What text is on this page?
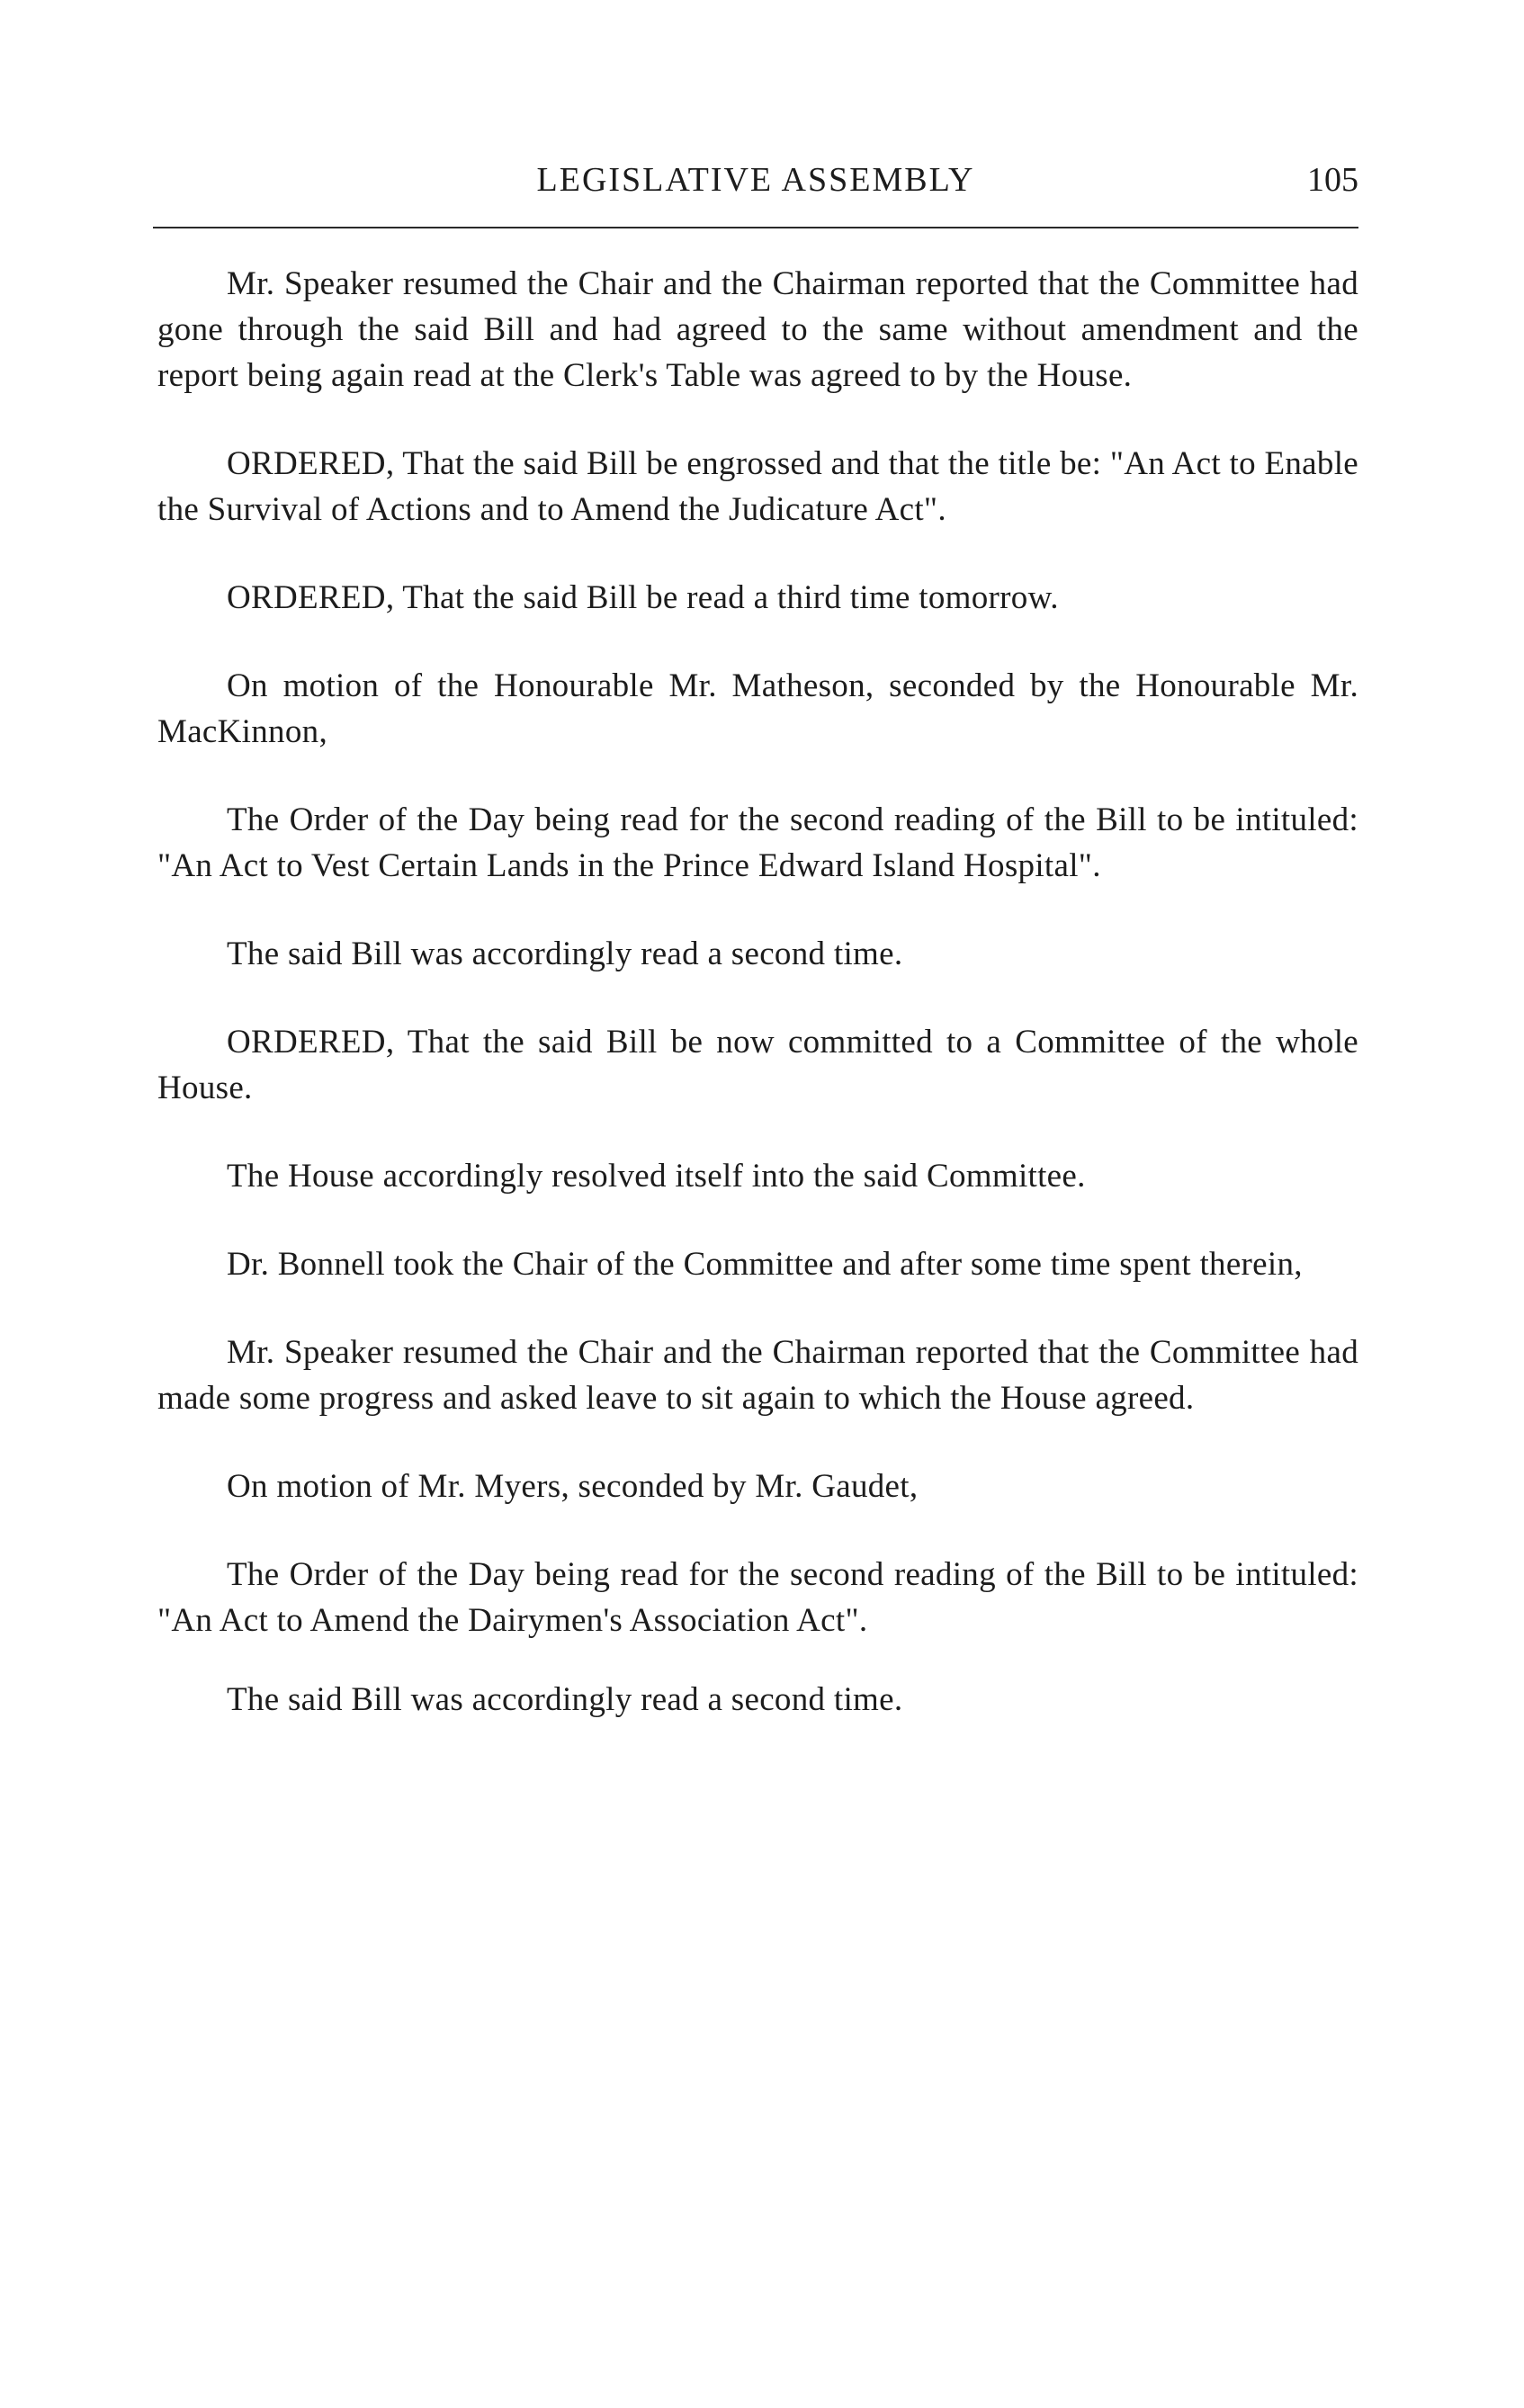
LEGISLATIVE ASSEMBLY	105

Mr. Speaker resumed the Chair and the Chairman reported that the Committee had gone through the said Bill and had agreed to the same without amendment and the report being again read at the Clerk's Table was agreed to by the House.

ORDERED, That the said Bill be engrossed and that the title be: "An Act to Enable the Survival of Actions and to Amend the Judicature Act".

ORDERED, That the said Bill be read a third time tomorrow.

On motion of the Honourable Mr. Matheson, seconded by the Honourable Mr. MacKinnon,

The Order of the Day being read for the second reading of the Bill to be intituled: "An Act to Vest Certain Lands in the Prince Edward Island Hospital".

The said Bill was accordingly read a second time.

ORDERED, That the said Bill be now committed to a Committee of the whole House.

The House accordingly resolved itself into the said Committee.

Dr. Bonnell took the Chair of the Committee and after some time spent therein,

Mr. Speaker resumed the Chair and the Chairman reported that the Committee had made some progress and asked leave to sit again to which the House agreed.

On motion of Mr. Myers, seconded by Mr. Gaudet,

The Order of the Day being read for the second reading of the Bill to be intituled: "An Act to Amend the Dairymen's Association Act".

The said Bill was accordingly read a second time.
